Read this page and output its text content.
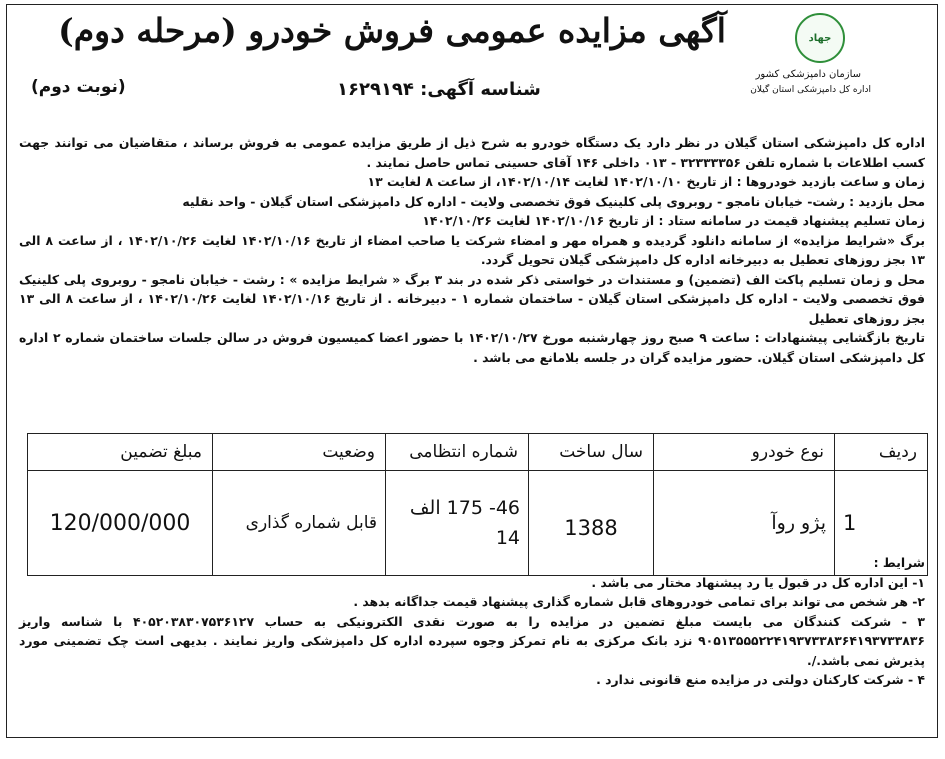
جهاد
سازمان دامپزشکی کشور
اداره کل دامپزشکی استان گیلان
آگهی مزایده عمومی فروش خودرو (مرحله دوم)
شناسه آگهی: ۱۶۲۹۱۹۴
(نوبت دوم)

اداره کل دامپزشکی استان گیلان در نظر دارد یک دستگاه خودرو به شرح ذیل از طریق مزایده عمومی به فروش برساند ، متقاضیان می توانند جهت کسب اطلاعات با شماره تلفن ۳۲۳۳۳۳۵۶ - ۰۱۳ داخلی ۱۴۶ آقای حسینی تماس حاصل نمایند .

زمان و ساعت بازدید خودروها : از تاریخ ۱۴۰۲/۱۰/۱۰ لغایت ۱۴۰۲/۱۰/۱۴، از ساعت ۸ لغایت ۱۳

محل بازدید : رشت- خیابان نامجو - روبروی پلی کلینیک فوق تخصصی ولایت - اداره کل دامپزشکی استان گیلان - واحد نقلیه

زمان تسلیم پیشنهاد قیمت در سامانه ستاد : از تاریخ ۱۴۰۲/۱۰/۱۶ لغایت ۱۴۰۲/۱۰/۲۶

برگ «شرایط مزایده» از سامانه دانلود گردیده و همراه مهر و امضاء شرکت یا صاحب امضاء از تاریخ ۱۴۰۲/۱۰/۱۶ لغایت ۱۴۰۲/۱۰/۲۶ ، از ساعت ۸ الی ۱۳ بجز روزهای تعطیل به دبیرخانه اداره کل دامپزشکی گیلان تحویل گردد.

محل و زمان تسلیم پاکت الف (تضمین) و مستندات در خواستی ذکر شده در بند ۳ برگ « شرایط مزایده » : رشت - خیابان نامجو - روبروی پلی کلینیک فوق تخصصی ولایت - اداره کل دامپزشکی استان گیلان - ساختمان شماره ۱ - دبیرخانه . از تاریخ ۱۴۰۲/۱۰/۱۶ لغایت ۱۴۰۲/۱۰/۲۶ ، از ساعت ۸ الی ۱۳ بجز روزهای تعطیل

تاریخ بازگشایی پیشنهادات : ساعت ۹ صبح روز چهارشنبه مورخ ۱۴۰۲/۱۰/۲۷ با حضور اعضا کمیسیون فروش در سالن جلسات ساختمان شماره ۲ اداره کل دامپزشکی استان گیلان. حضور مزایده گران در جلسه بلامانع می باشد .

ردیف	نوع خودرو	سال ساخت	شماره انتظامی	وضعیت	مبلغ تضمین
1	پژو روآ	1388	46- 175 الف 14	قابل شماره گذاری	120/000/000

شرایط :

۱- این اداره کل در قبول یا رد پیشنهاد مختار می باشد .

۲- هر شخص می تواند برای تمامی خودروهای قابل شماره گذاری پیشنهاد قیمت جداگانه بدهد .

۳ - شرکت کنندگان می بایست مبلغ تضمین در مزایده را به صورت نقدی الکترونیکی به حساب ۴۰۵۲۰۳۸۳۰۷۵۳۶۱۲۷ با شناسه واریز ۹۰۵۱۳۵۵۵۲۲۴۱۹۳۷۳۳۸۳۶۴۱۹۳۷۳۳۸۳۶ نزد بانک مرکزی به نام تمرکز وجوه سپرده اداره کل دامپزشکی واریز نمایند . بدیهی است چک تضمینی مورد پذیرش نمی باشد./.

۴ - شرکت کارکنان دولتی در مزایده منع قانونی ندارد .
